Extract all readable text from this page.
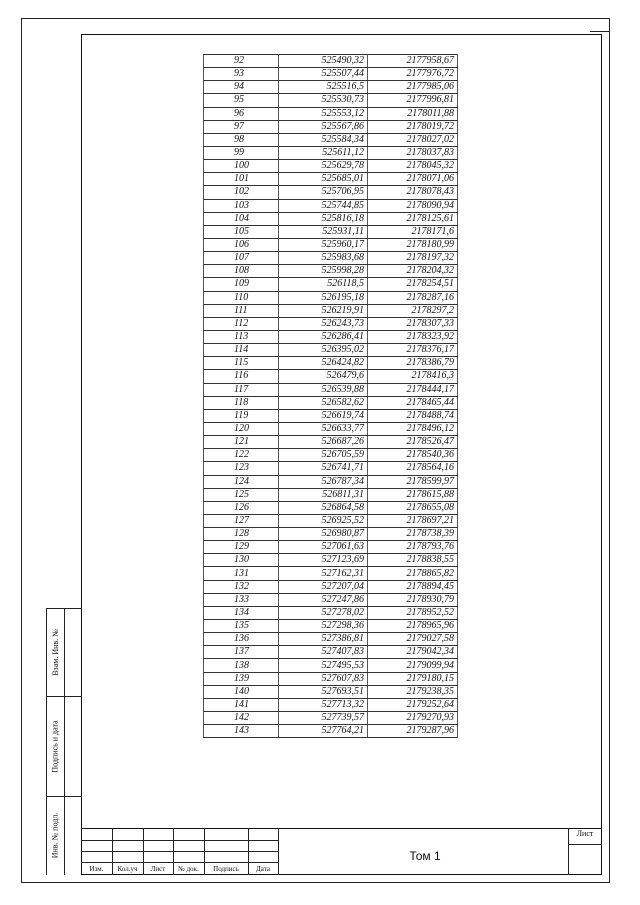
Взам. Инв. №
Подпись и дата
Инв. № подл.
92	525490,32	2177958,67
93	525507,44	2177976,72
94	525516,5	2177985,06
95	525530,73	2177996,81
96	525553,12	2178011,88
97	525567,86	2178019,72
98	525584,34	2178027,02
99	525611,12	2178037,83
100	525629,78	2178045,32
101	525685,01	2178071,06
102	525706,95	2178078,43
103	525744,85	2178090,94
104	525816,18	2178125,61
105	525931,11	2178171,6
106	525960,17	2178180,99
107	525983,68	2178197,32
108	525998,28	2178204,32
109	526118,5	2178254,51
110	526195,18	2178287,16
111	526219,91	2178297,2
112	526243,73	2178307,33
113	526286,41	2178323,92
114	526395,02	2178376,17
115	526424,82	2178386,79
116	526479,6	2178416,3
117	526539,88	2178444,17
118	526582,62	2178465,44
119	526619,74	2178488,74
120	526633,77	2178496,12
121	526687,26	2178526,47
122	526705,59	2178540,36
123	526741,71	2178564,16
124	526787,34	2178599,97
125	526811,31	2178615,88
126	526864,58	2178655,08
127	526925,52	2178697,21
128	526980,87	2178738,39
129	527061,63	2178793,76
130	527123,69	2178838,55
131	527162,31	2178865,82
132	527207,04	2178894,45
133	527247,86	2178930,79
134	527278,02	2178952,52
135	527298,36	2178965,96
136	527386,81	2179027,58
137	527407,83	2179042,34
138	527495,53	2179099,94
139	527607,83	2179180,15
140	527693,51	2179238,35
141	527713,32	2179252,64
142	527739,57	2179270,93
143	527764,21	2179287,96
Изм.	Кол.уч	Лист	№ док.	Подпись	Дата
Том 1
Лист
